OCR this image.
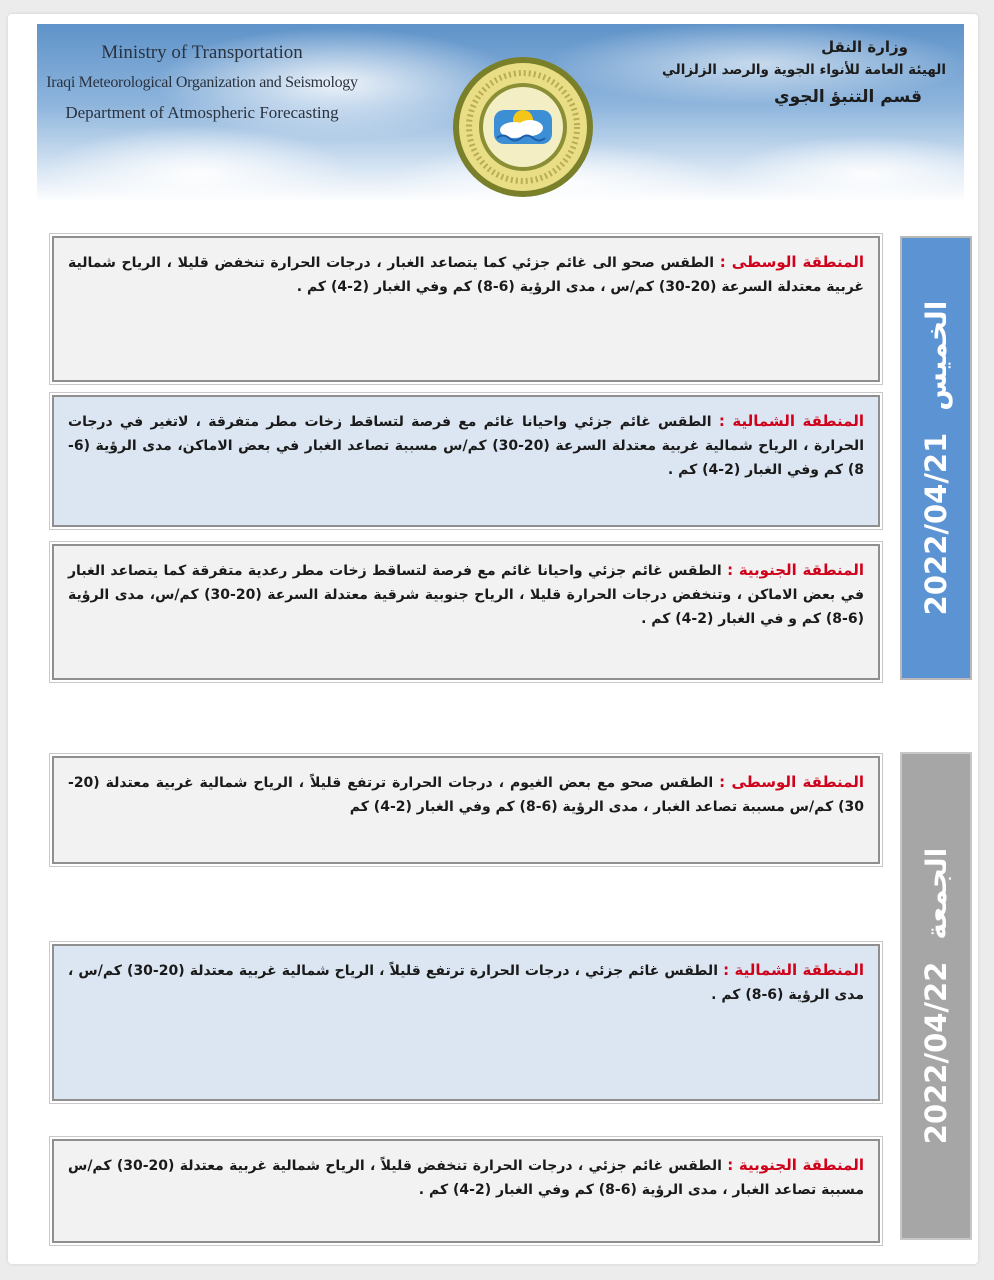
Ministry of Transportation
Iraqi Meteorological Organization and Seismology
Department of Atmospheric Forecasting
وزارة النقل
الهيئة العامة للأنواء الجوية والرصد الزلزالي
قسم التنبؤ الجوي
المنطقة الوسطى : الطقس صحو الى غائم جزئي كما يتصاعد الغبار ، درجات الحرارة تنخفض قليلا ، الرياح شمالية غربية معتدلة السرعة (20-30) كم/س ، مدى الرؤية (6-8) كم وفي الغبار (2-4) كم .
المنطقة الشمالية : الطقس غائم جزئي واحيانا غائم مع فرصة لتساقط زخات مطر متفرقة ، لاتغير في درجات الحرارة ، الرياح شمالية غربية معتدلة السرعة (20-30) كم/س مسببة تصاعد الغبار في بعض الاماكن، مدى الرؤية (6-8) كم وفي الغبار (2-4) كم .
المنطقة الجنوبية : الطقس غائم جزئي واحيانا غائم مع فرصة لتساقط زخات مطر رعدية متفرقة كما يتصاعد الغبار في بعض الاماكن ، وتنخفض درجات الحرارة قليلا ، الرياح جنوبية شرقية معتدلة السرعة (20-30) كم/س، مدى الرؤية (6-8) كم و في الغبار (2-4) كم .
2022/04/21الخميس
المنطقة الوسطى : الطقس صحو مع بعض الغيوم ، درجات الحرارة ترتفع قليلاً ، الرياح شمالية غربية معتدلة (20-30) كم/س مسببة تصاعد الغبار ، مدى الرؤية (6-8) كم وفي الغبار (2-4) كم
المنطقة الشمالية : الطقس غائم جزئي ، درجات الحرارة ترتفع قليلاً ، الرياح شمالية غربية معتدلة (20-30) كم/س ، مدى الرؤية (6-8) كم .
المنطقة الجنوبية : الطقس غائم جزئي ، درجات الحرارة تنخفض قليلاً ، الرياح شمالية غربية معتدلة (20-30) كم/س مسببة تصاعد الغبار ، مدى الرؤية (6-8) كم وفي الغبار (2-4) كم .
2022/04/22الجمعة
